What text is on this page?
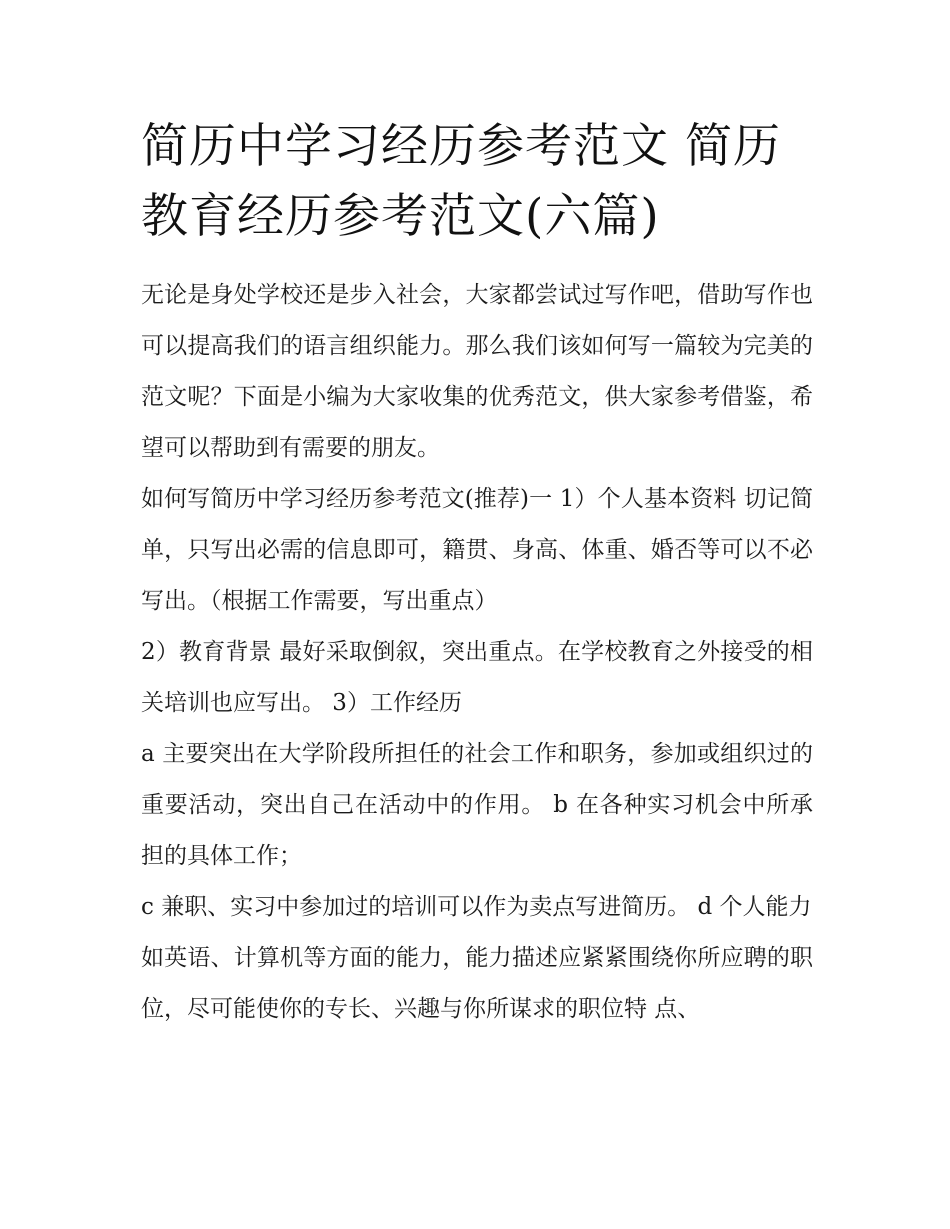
简历中学习经历参考范文 简历教育经历参考范文(六篇)

无论是身处学校还是步入社会，大家都尝试过写作吧，借助写作也可以提高我们的语言组织能力。那么我们该如何写一篇较为完美的范文呢？下面是小编为大家收集的优秀范文，供大家参考借鉴，希望可以帮助到有需要的朋友。

如何写简历中学习经历参考范文(推荐)一 1）个人基本资料 切记简单，只写出必需的信息即可，籍贯、身高、体重、婚否等可以不必写出。（根据工作需要，写出重点）

2）教育背景 最好采取倒叙，突出重点。在学校教育之外接受的相关培训也应写出。 3）工作经历

a 主要突出在大学阶段所担任的社会工作和职务，参加或组织过的重要活动，突出自己在活动中的作用。 b 在各种实习机会中所承担的具体工作；

c 兼职、实习中参加过的培训可以作为卖点写进简历。 d 个人能力

如英语、计算机等方面的能力，能力描述应紧紧围绕你所应聘的职位，尽可能使你的专长、兴趣与你所谋求的职位特 点、
